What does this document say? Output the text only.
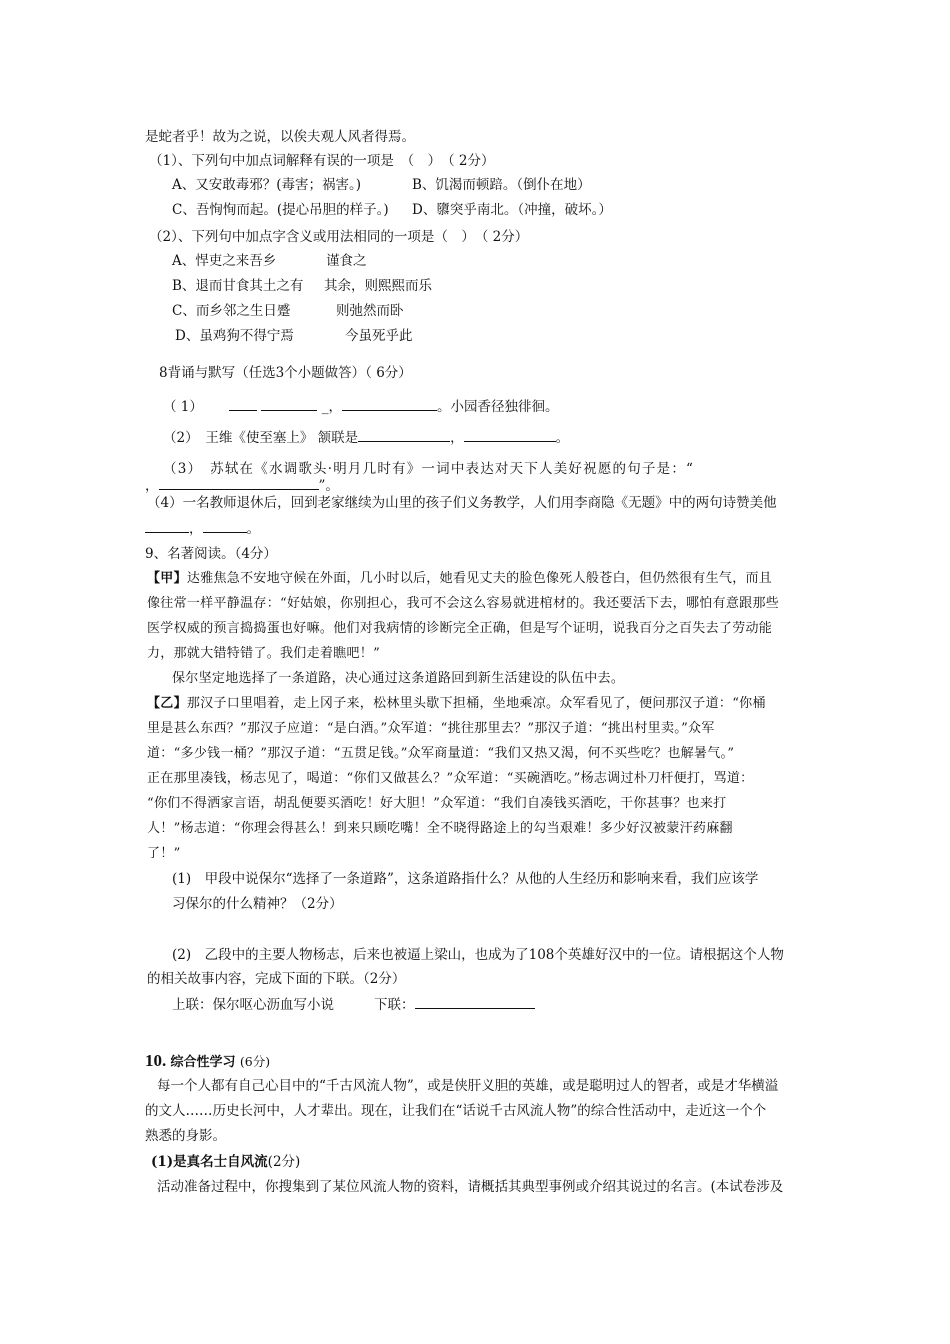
是蛇者乎！故为之说，以俟夫观人风者得焉。
（1）、下列句中加点词解释有误的一项是　（　）　（ 2分）
A、又安敢毒邪？(毒害；祸害。)	B、饥渴而顿踣。（倒仆在地）
C、吾恂恂而起。(提心吊胆的样子。) D、隳突乎南北。（冲撞，破坏。）
（2）、下列句中加点字含义或用法相同的一项是（　）　（ 2分）
A、悍吏之来吾乡	谨食之
B、退而甘食其土之有 其余，则熙熙而乐
C、而乡邻之生日蹙	则弛然而卧
D、虽鸡狗不得宁焉	今虽死乎此
8背诵与默写（任选3个小题做答）（ 6分）
（ 1）	_，	。小园香径独徘徊。
（2）　王维《使至塞上》 颔联是	，	。
（3）　苏轼在《水调歌头·明月几时有》一词中表达对天下人美好祝愿的句子是：“
，	”。
（4）一名教师退休后，回到老家继续为山里的孩子们义务教学，人们用李商隐《无题》中的两句诗赞美他
，	。
9、名著阅读。（4分）
【甲】达雅焦急不安地守候在外面，几小时以后，她看见丈夫的脸色像死人般苍白，但仍然很有生气，而且
像往常一样平静温存：“好姑娘，你别担心，我可不会这么容易就进棺材的。我还要活下去，哪怕有意跟那些
医学权威的预言捣捣蛋也好嘛。他们对我病情的诊断完全正确，但是写个证明，说我百分之百失去了劳动能
力，那就大错特错了。我们走着瞧吧！”
保尔坚定地选择了一条道路，决心通过这条道路回到新生活建设的队伍中去。
【乙】那汉子口里唱着，走上冈子来，松林里头歇下担桶，坐地乘凉。众军看见了，便问那汉子道：“你桶
里是甚么东西？”那汉子应道：“是白酒。”众军道：“挑往那里去？”那汉子道：“挑出村里卖。”众军
道：“多少钱一桶？”那汉子道：“五贯足钱。”众军商量道：“我们又热又渴，何不买些吃？也解暑气。”
正在那里凑钱，杨志见了，喝道：“你们又做甚么？”众军道：“买碗酒吃。”杨志调过朴刀杆便打，骂道：
“你们不得洒家言语，胡乱便要买酒吃！好大胆！”众军道：“我们自凑钱买酒吃，干你甚事？也来打
人！”杨志道：“你理会得甚么！到来只顾吃嘴！全不晓得路途上的勾当艰难！多少好汉被蒙汗药麻翻
了！”
(1)　甲段中说保尔“选择了一条道路”，这条道路指什么？从他的人生经历和影响来看，我们应该学
习保尔的什么精神？（2分）
(2)　乙段中的主要人物杨志，后来也被逼上梁山，也成为了108个英雄好汉中的一位。请根据这个人物
的相关故事内容，完成下面的下联。（2分）
上联：保尔呕心沥血写小说	下联：
10. 综合性学习 (6分)
每一个人都有自己心目中的“千古风流人物”，或是侠肝义胆的英雄，或是聪明过人的智者，或是才华横溢
的文人……历史长河中，人才辈出。现在，让我们在“话说千古风流人物”的综合性活动中，走近这一个个
熟悉的身影。
(1)是真名士自风流(2分)
活动准备过程中，你搜集到了某位风流人物的资料，请概括其典型事例或介绍其说过的名言。(本试卷涉及
